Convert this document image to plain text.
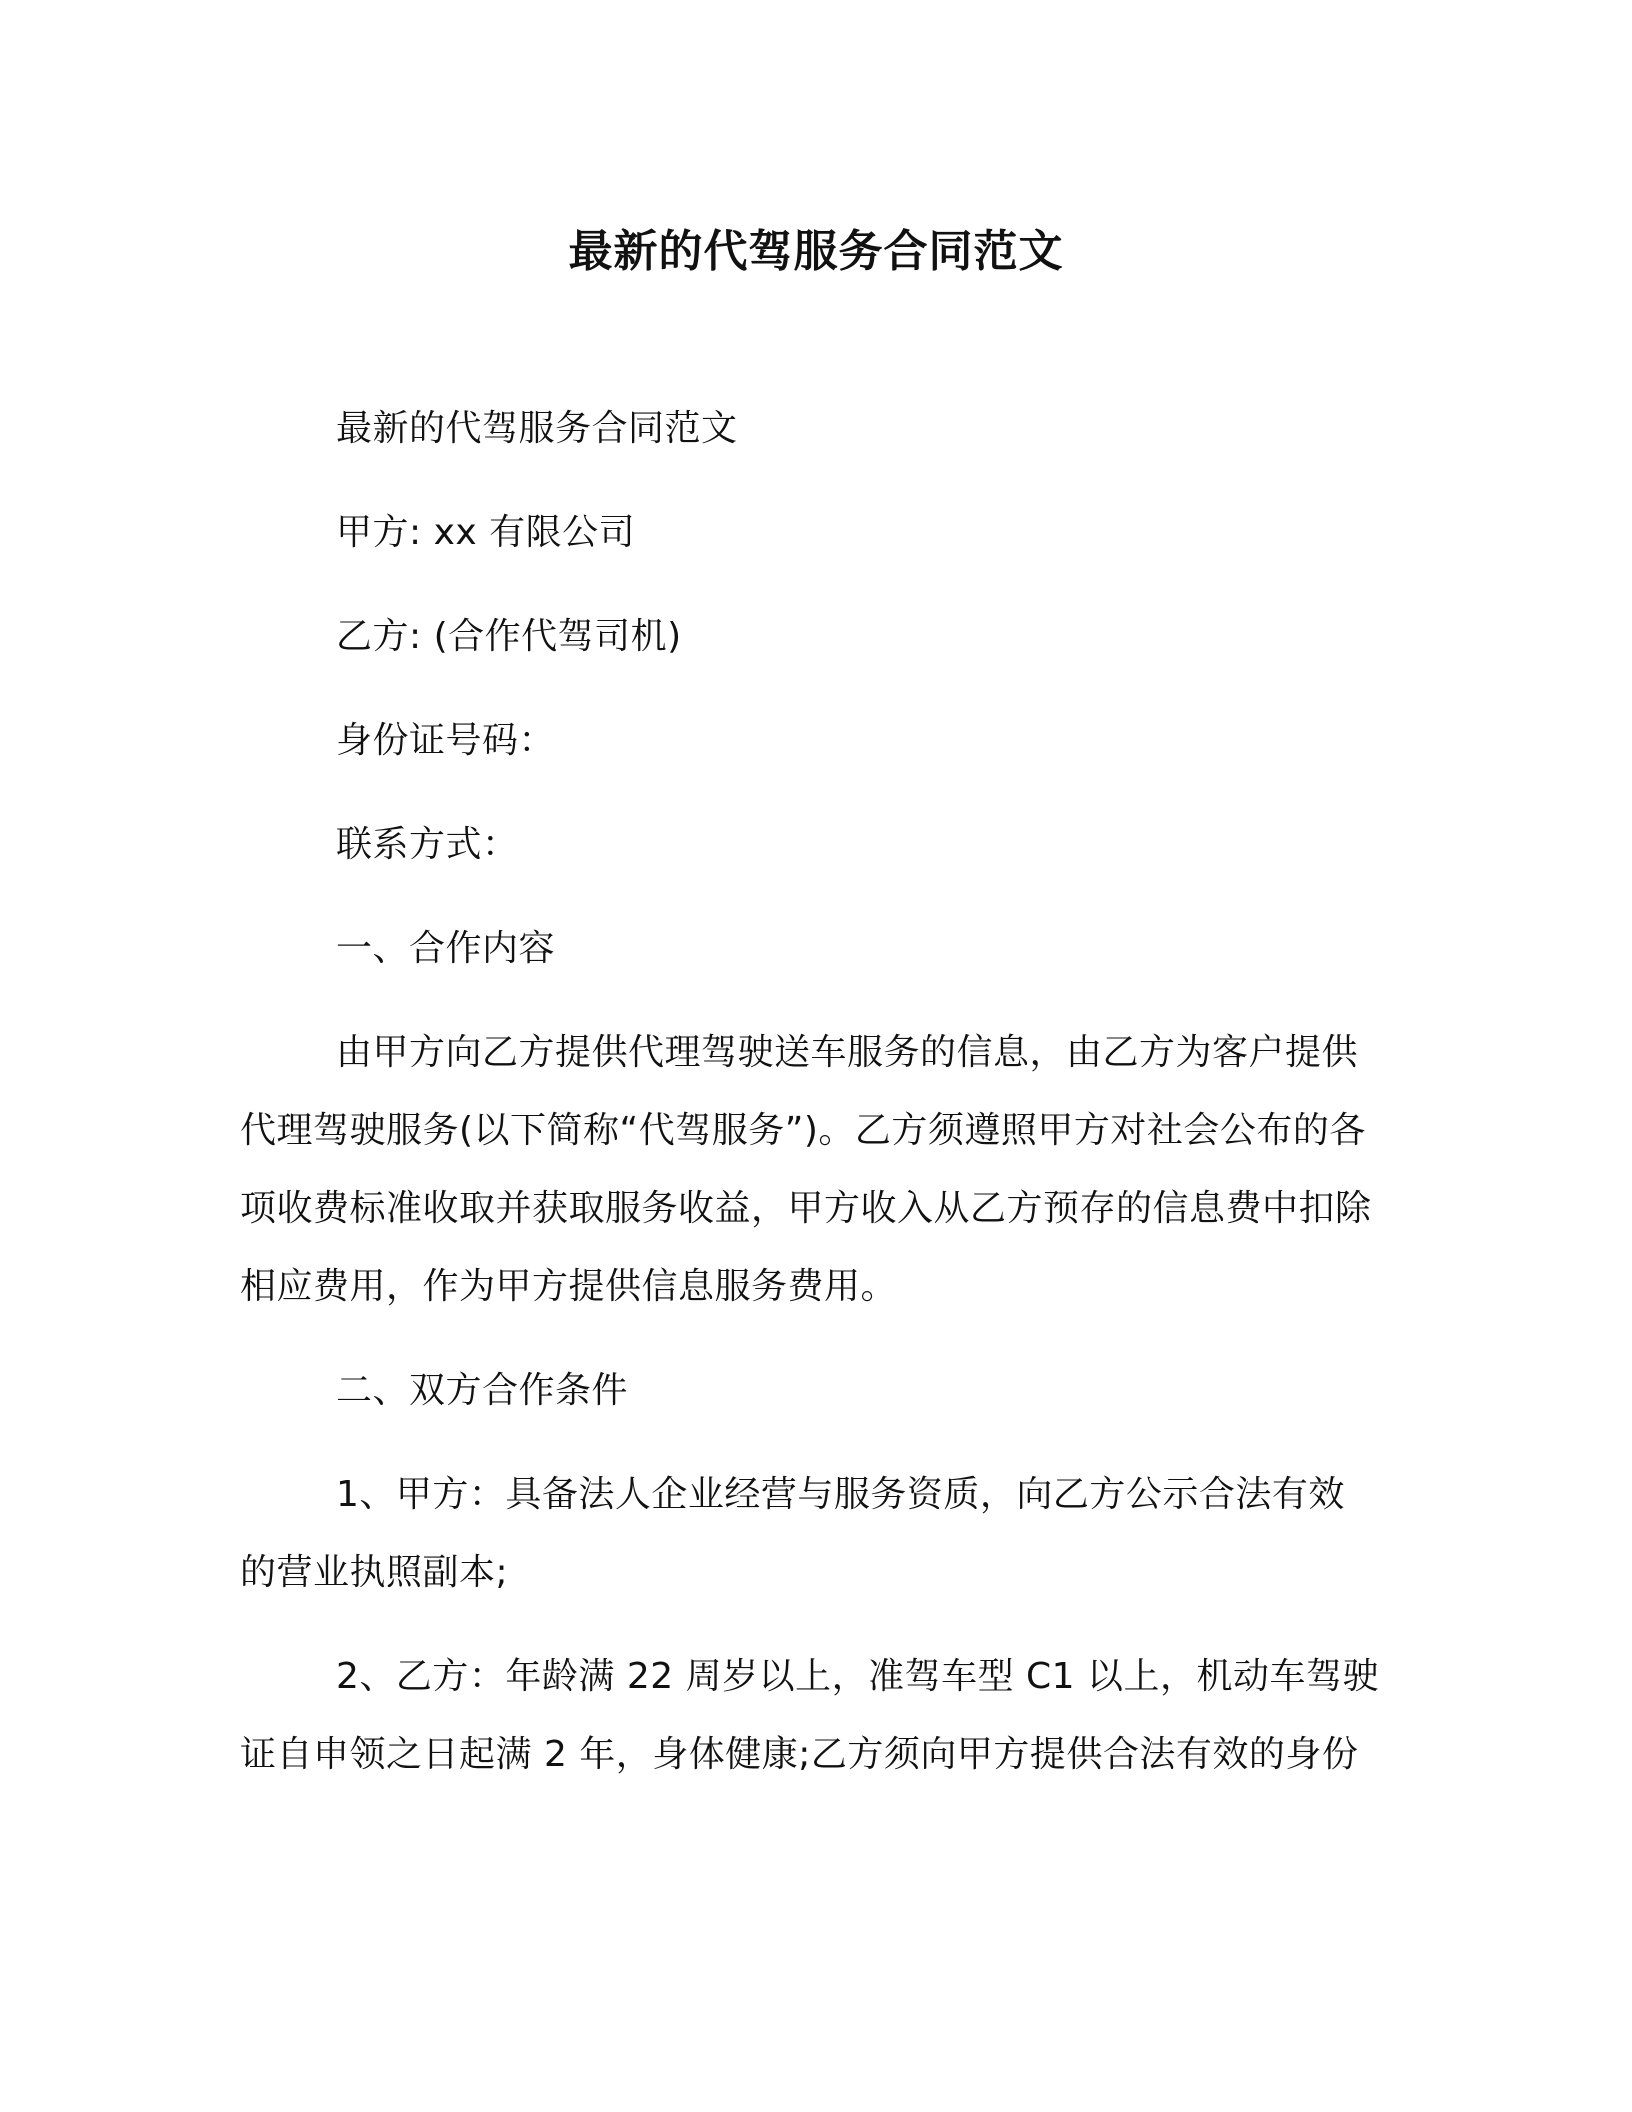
最新的代驾服务合同范文

最新的代驾服务合同范文

甲方: xx 有限公司

乙方: (合作代驾司机)

身份证号码：

联系方式：

一、合作内容

由甲方向乙方提供代理驾驶送车服务的信息，由乙方为客户提供代理驾驶服务(以下简称“代驾服务”)。乙方须遵照甲方对社会公布的各项收费标准收取并获取服务收益，甲方收入从乙方预存的信息费中扣除相应费用，作为甲方提供信息服务费用。

二、双方合作条件

1、甲方：具备法人企业经营与服务资质，向乙方公示合法有效的营业执照副本;

2、乙方：年龄满 22 周岁以上，准驾车型 C1 以上，机动车驾驶证自申领之日起满 2 年，身体健康;乙方须向甲方提供合法有效的身份
